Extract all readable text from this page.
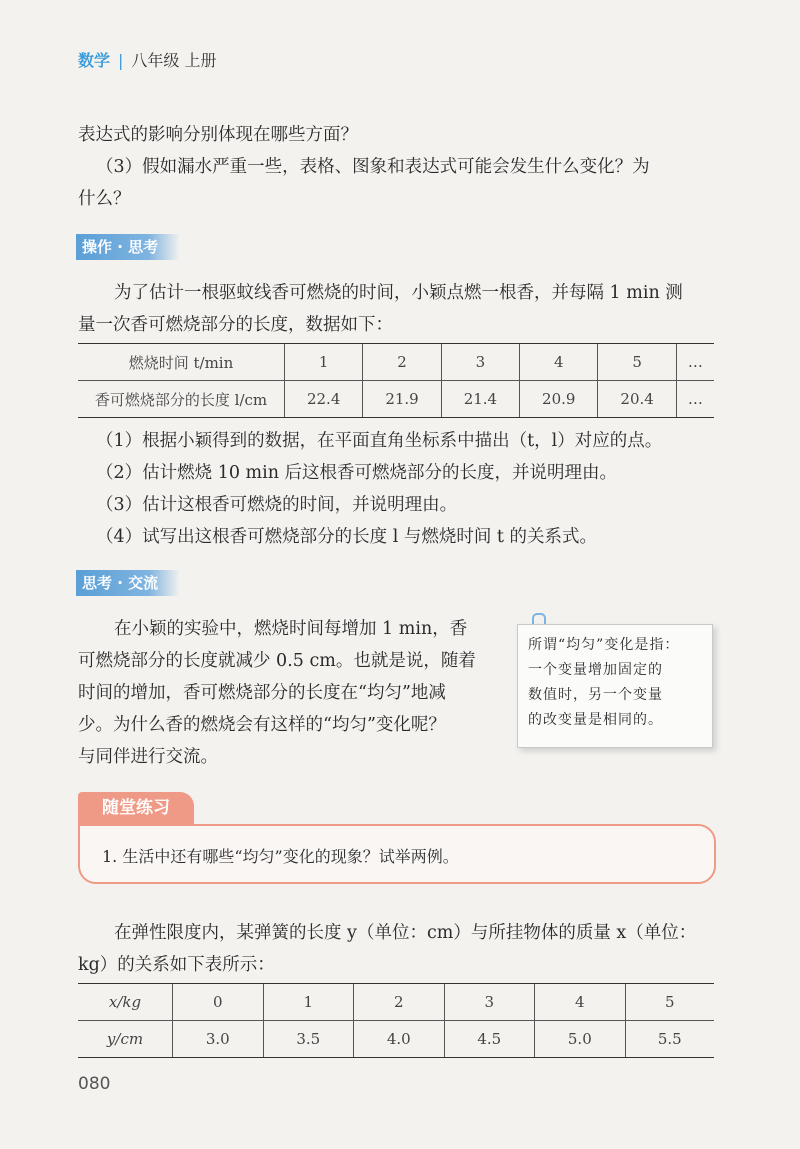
数学 | 八年级 上册
表达式的影响分别体现在哪些方面？
（3）假如漏水严重一些，表格、图象和表达式可能会发生什么变化？为
什么？
操作 · 思考
为了估计一根驱蚊线香可燃烧的时间，小颖点燃一根香，并每隔 1 min 测
量一次香可燃烧部分的长度，数据如下：
燃烧时间 t/min	1	2	3	4	5	…
香可燃烧部分的长度 l/cm	22.4	21.9	21.4	20.9	20.4	…
（1）根据小颖得到的数据，在平面直角坐标系中描出（t，l）对应的点。
（2）估计燃烧 10 min 后这根香可燃烧部分的长度，并说明理由。
（3）估计这根香可燃烧的时间，并说明理由。
（4）试写出这根香可燃烧部分的长度 l 与燃烧时间 t 的关系式。
思考 · 交流
在小颖的实验中，燃烧时间每增加 1 min，香
可燃烧部分的长度就减少 0.5 cm。也就是说，随着
时间的增加，香可燃烧部分的长度在“均匀”地减
少。为什么香的燃烧会有这样的“均匀”变化呢？
与同伴进行交流。
所谓“均匀”变化是指：
一个变量增加固定的
数值时，另一个变量
的改变量是相同的。
随堂练习
1. 生活中还有哪些“均匀”变化的现象？试举两例。
在弹性限度内，某弹簧的长度 y（单位：cm）与所挂物体的质量 x（单位：
kg）的关系如下表所示：
x/kg	0	1	2	3	4	5
y/cm	3.0	3.5	4.0	4.5	5.0	5.5
080
